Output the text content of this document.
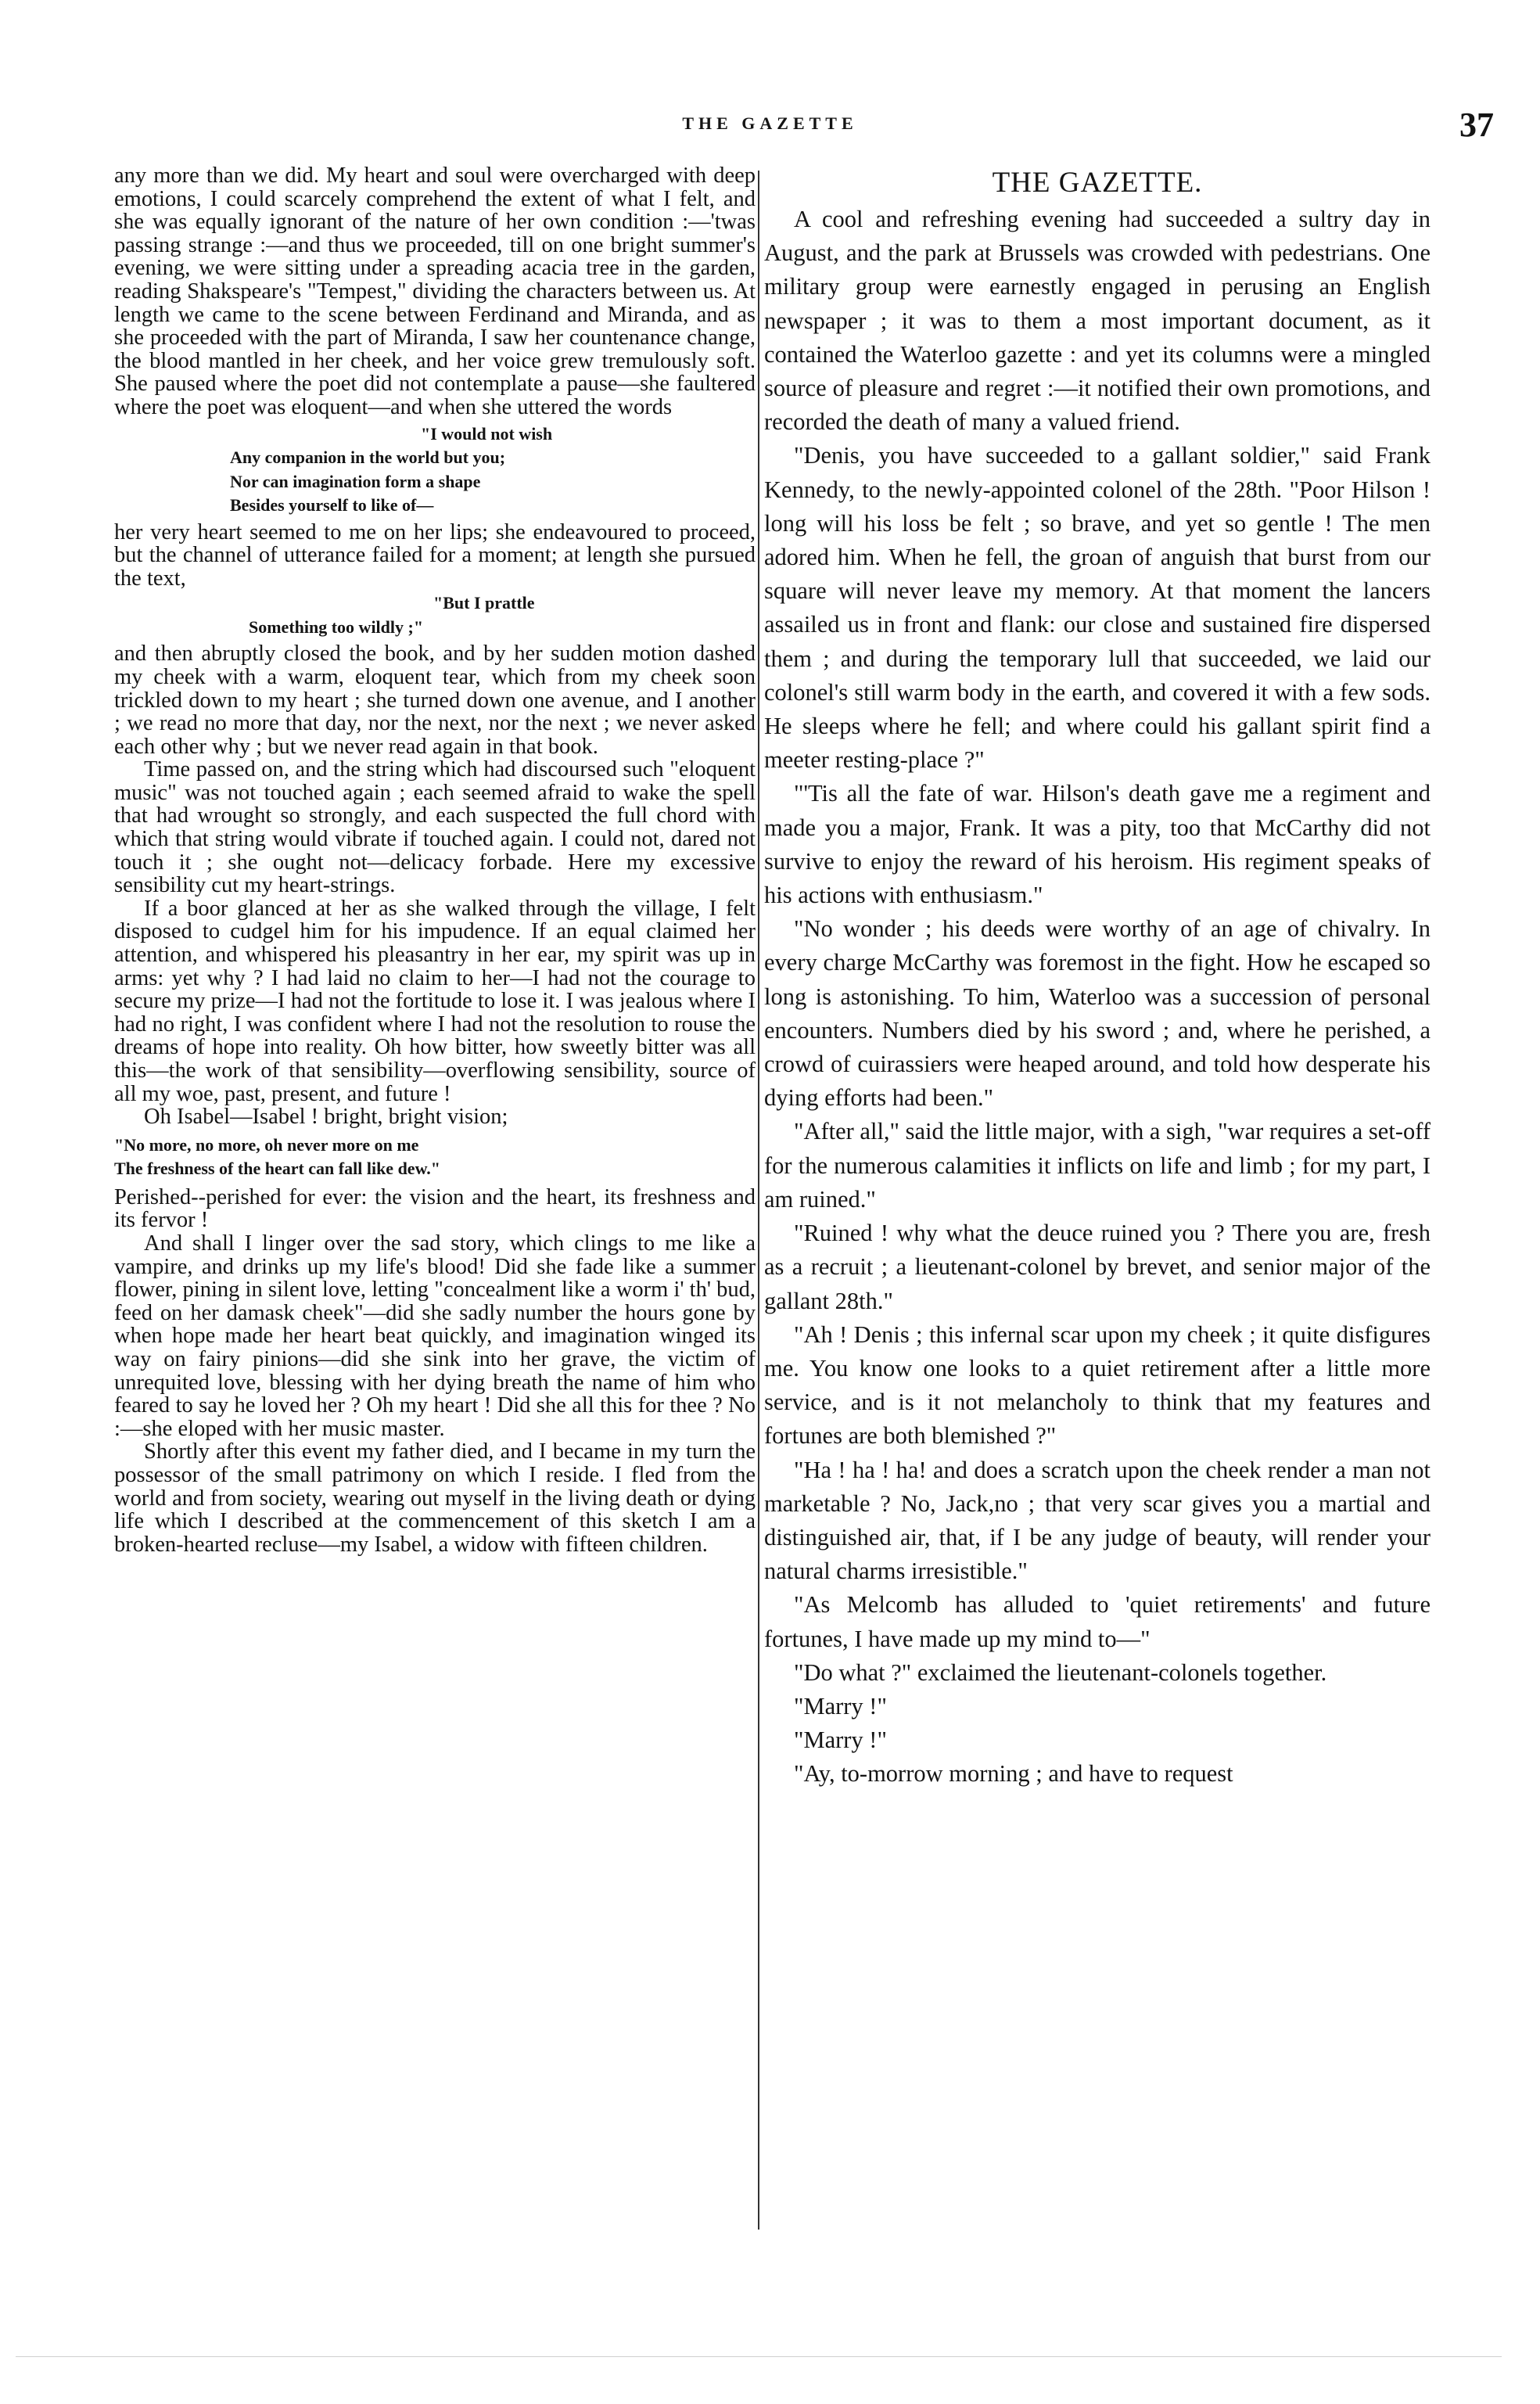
THE GAZETTE	37

any more than we did. My heart and soul were overcharged with deep emotions, I could scarcely comprehend the extent of what I felt, and she was equally ignorant of the nature of her own condition :—'twas passing strange :—and thus we proceeded, till on one bright summer's evening, we were sitting under a spreading acacia tree in the garden, reading Shakspeare's "Tempest," dividing the characters between us. At length we came to the scene between Ferdinand and Miranda, and as she proceeded with the part of Miranda, I saw her countenance change, the blood mantled in her cheek, and her voice grew tremulously soft. She paused where the poet did not contemplate a pause—she faultered where the poet was eloquent—and when she uttered the words

"I would not wish
Any companion in the world but you;
Nor can imagination form a shape
Besides yourself to like of—

her very heart seemed to me on her lips; she endeavoured to proceed, but the channel of utterance failed for a moment; at length she pursued the text,

"But I prattle
Something too wildly ;"

and then abruptly closed the book, and by her sudden motion dashed my cheek with a warm, eloquent tear, which from my cheek soon trickled down to my heart ; she turned down one avenue, and I another ; we read no more that day, nor the next, nor the next ; we never asked each other why ; but we never read again in that book.

Time passed on, and the string which had discoursed such "eloquent music" was not touched again ; each seemed afraid to wake the spell that had wrought so strongly, and each suspected the full chord with which that string would vibrate if touched again. I could not, dared not touch it ; she ought not—delicacy forbade. Here my excessive sensibility cut my heart-strings.

If a boor glanced at her as she walked through the village, I felt disposed to cudgel him for his impudence. If an equal claimed her attention, and whispered his pleasantry in her ear, my spirit was up in arms: yet why ? I had laid no claim to her—I had not the courage to secure my prize—I had not the fortitude to lose it. I was jealous where I had no right, I was confident where I had not the resolution to rouse the dreams of hope into reality. Oh how bitter, how sweetly bitter was all this—the work of that sensibility—overflowing sensibility, source of all my woe, past, present, and future !

Oh Isabel—Isabel ! bright, bright vision;

"No more, no more, oh never more on me
The freshness of the heart can fall like dew."

Perished--perished for ever: the vision and the heart, its freshness and its fervor !

And shall I linger over the sad story, which clings to me like a vampire, and drinks up my life's blood! Did she fade like a summer flower, pining in silent love, letting "concealment like a worm i' th' bud, feed on her damask cheek"—did she sadly number the hours gone by when hope made her heart beat quickly, and imagination winged its way on fairy pinions—did she sink into her grave, the victim of unrequited love, blessing with her dying breath the name of him who feared to say he loved her ? Oh my heart ! Did she all this for thee ? No :—she eloped with her music master.

Shortly after this event my father died, and I became in my turn the possessor of the small patrimony on which I reside. I fled from the world and from society, wearing out myself in the living death or dying life which I described at the commencement of this sketch I am a broken-hearted recluse—my Isabel, a widow with fifteen children.

THE GAZETTE.

A cool and refreshing evening had succeeded a sultry day in August, and the park at Brussels was crowded with pedestrians. One military group were earnestly engaged in perusing an English newspaper ; it was to them a most important document, as it contained the Waterloo gazette : and yet its columns were a mingled source of pleasure and regret :—it notified their own promotions, and recorded the death of many a valued friend.

"Denis, you have succeeded to a gallant soldier," said Frank Kennedy, to the newly-appointed colonel of the 28th. "Poor Hilson ! long will his loss be felt ; so brave, and yet so gentle ! The men adored him. When he fell, the groan of anguish that burst from our square will never leave my memory. At that moment the lancers assailed us in front and flank: our close and sustained fire dispersed them ; and during the temporary lull that succeeded, we laid our colonel's still warm body in the earth, and covered it with a few sods. He sleeps where he fell; and where could his gallant spirit find a meeter resting-place ?"

"'Tis all the fate of war. Hilson's death gave me a regiment and made you a major, Frank. It was a pity, too that McCarthy did not survive to enjoy the reward of his heroism. His regiment speaks of his actions with enthusiasm."

"No wonder ; his deeds were worthy of an age of chivalry. In every charge McCarthy was foremost in the fight. How he escaped so long is astonishing. To him, Waterloo was a succession of personal encounters. Numbers died by his sword ; and, where he perished, a crowd of cuirassiers were heaped around, and told how desperate his dying efforts had been."

"After all," said the little major, with a sigh, "war requires a set-off for the numerous calamities it inflicts on life and limb ; for my part, I am ruined."

"Ruined ! why what the deuce ruined you ? There you are, fresh as a recruit ; a lieutenant-colonel by brevet, and senior major of the gallant 28th."

"Ah ! Denis ; this infernal scar upon my cheek ; it quite disfigures me. You know one looks to a quiet retirement after a little more service, and is it not melancholy to think that my features and fortunes are both blemished ?"

"Ha ! ha ! ha! and does a scratch upon the cheek render a man not marketable ? No, Jack,no ; that very scar gives you a martial and distinguished air, that, if I be any judge of beauty, will render your natural charms irresistible."

"As Melcomb has alluded to 'quiet retirements' and future fortunes, I have made up my mind to—"

"Do what ?" exclaimed the lieutenant-colonels together.

"Marry !"

"Marry !"

"Ay, to-morrow morning ; and have to request
